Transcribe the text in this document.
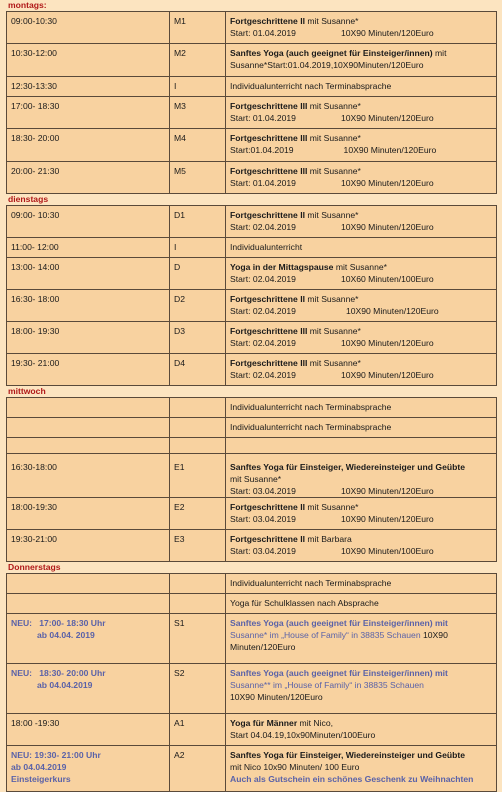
montags:
09:00-10:30	M1	Fortgeschrittene II mit Susanne*
Start: 01.04.2019 10X90 Minuten/120Euro
10:30-12:00	M2	Sanftes Yoga (auch geeignet für Einsteiger/innen) mit
Susanne*Start:01.04.2019,10X90Minuten/120Euro
12:30-13:30	I	Individualunterricht nach Terminabsprache
17:00- 18:30	M3	Fortgeschrittene III mit Susanne*
Start: 01.04.2019 10X90 Minuten/120Euro
18:30- 20:00	M4	Fortgeschrittene III mit Susanne*
Start:01.04.2019 10X90 Minuten/120Euro
20:00- 21:30	M5	Fortgeschrittene III mit Susanne*
Start: 01.04.2019 10X90 Minuten/120Euro
dienstags
09:00- 10:30	D1	Fortgeschrittene II mit Susanne*
Start: 02.04.2019 10X90 Minuten/120Euro
11:00- 12:00	I	Individualunterricht
13:00- 14:00	D	Yoga in der Mittagspause mit Susanne*
Start: 02.04.2019 10X60 Minuten/100Euro
16:30- 18:00	D2	Fortgeschrittene II mit Susanne*
Start: 02.04.2019 10X90 Minuten/120Euro
18:00- 19:30	D3	Fortgeschrittene III mit Susanne*
Start: 02.04.2019 10X90 Minuten/120Euro
19:30- 21:00	D4	Fortgeschrittene III mit Susanne*
Start: 02.04.2019 10X90 Minuten/120Euro
mittwoch
		Individualunterricht nach Terminabsprache
		Individualunterricht nach Terminabsprache

16:30-18:00	E1	Sanftes Yoga für Einsteiger, Wiedereinsteiger und Geübte
mit Susanne*
Start: 03.04.2019 10X90 Minuten/120Euro
18:00-19:30	E2	Fortgeschrittene II mit Susanne*
Start: 03.04.2019 10X90 Minuten/120Euro
19:30-21:00	E3	Fortgeschrittene II mit Barbara
Start: 03.04.2019 10X90 Minuten/100Euro
Donnerstags
		Individualunterricht nach Terminabsprache
		Yoga für Schulklassen nach Absprache
NEU: 17:00- 18:30 Uhr
ab 04.04. 2019	S1	Sanftes Yoga (auch geeignet für Einsteiger/innen) mit
Susanne* im „House of Family“ in 38835 Schauen 10X90
Minuten/120Euro
NEU: 18:30- 20:00 Uhr
ab 04.04.2019	S2	Sanftes Yoga (auch geeignet für Einsteiger/innen) mit
Susanne** im „House of Family“ in 38835 Schauen
10X90 Minuten/120Euro
18:00 -19:30	A1	Yoga für Männer mit Nico,
Start 04.04.19,10x90Minuten/100Euro
NEU: 19:30- 21:00 Uhr
ab 04.04.2019
Einsteigerkurs	A2	Sanftes Yoga für Einsteiger, Wiedereinsteiger und Geübte
mit Nico 10x90 Minuten/ 100 Euro
Auch als Gutschein ein schönes Geschenk zu Weihnachten
